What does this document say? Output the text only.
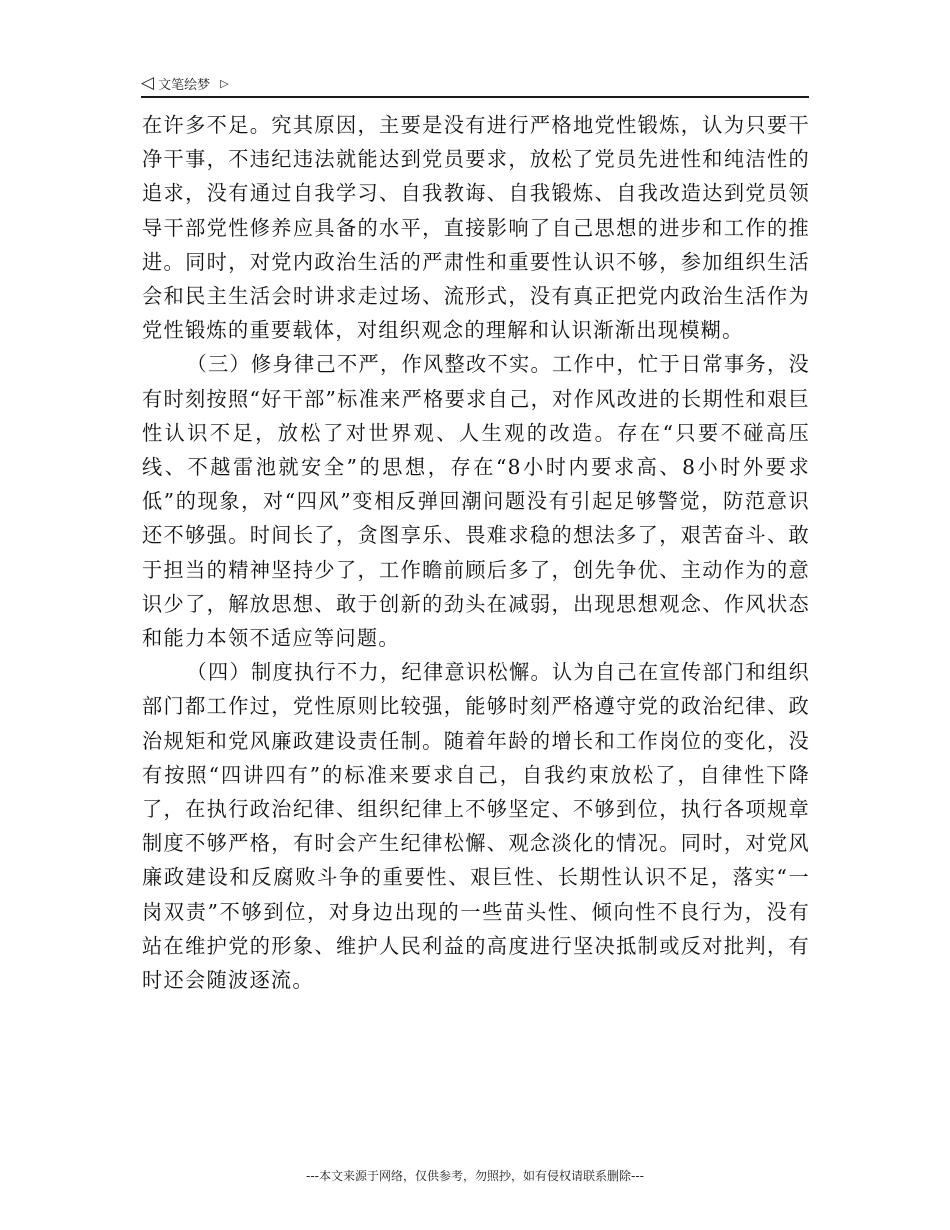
◁ 文笔绘梦 ▷

在许多不足。究其原因，主要是没有进行严格地党性锻炼，认为只要干净干事，不违纪违法就能达到党员要求，放松了党员先进性和纯洁性的追求，没有通过自我学习、自我教诲、自我锻炼、自我改造达到党员领导干部党性修养应具备的水平，直接影响了自己思想的进步和工作的推进。同时，对党内政治生活的严肃性和重要性认识不够，参加组织生活会和民主生活会时讲求走过场、流形式，没有真正把党内政治生活作为党性锻炼的重要载体，对组织观念的理解和认识渐渐出现模糊。

（三）修身律己不严，作风整改不实。工作中，忙于日常事务，没有时刻按照“好干部”标准来严格要求自己，对作风改进的长期性和艰巨性认识不足，放松了对世界观、人生观的改造。存在“只要不碰高压线、不越雷池就安全”的思想，存在“8小时内要求高、8小时外要求低”的现象，对“四风”变相反弹回潮问题没有引起足够警觉，防范意识还不够强。时间长了，贪图享乐、畏难求稳的想法多了，艰苦奋斗、敢于担当的精神坚持少了，工作瞻前顾后多了，创先争优、主动作为的意识少了，解放思想、敢于创新的劲头在减弱，出现思想观念、作风状态和能力本领不适应等问题。

（四）制度执行不力，纪律意识松懈。认为自己在宣传部门和组织部门都工作过，党性原则比较强，能够时刻严格遵守党的政治纪律、政治规矩和党风廉政建设责任制。随着年龄的增长和工作岗位的变化，没有按照“四讲四有”的标准来要求自己，自我约束放松了，自律性下降了，在执行政治纪律、组织纪律上不够坚定、不够到位，执行各项规章制度不够严格，有时会产生纪律松懈、观念淡化的情况。同时，对党风廉政建设和反腐败斗争的重要性、艰巨性、长期性认识不足，落实“一岗双责”不够到位，对身边出现的一些苗头性、倾向性不良行为，没有站在维护党的形象、维护人民利益的高度进行坚决抵制或反对批判，有时还会随波逐流。

---本文来源于网络，仅供参考，勿照抄，如有侵权请联系删除---
